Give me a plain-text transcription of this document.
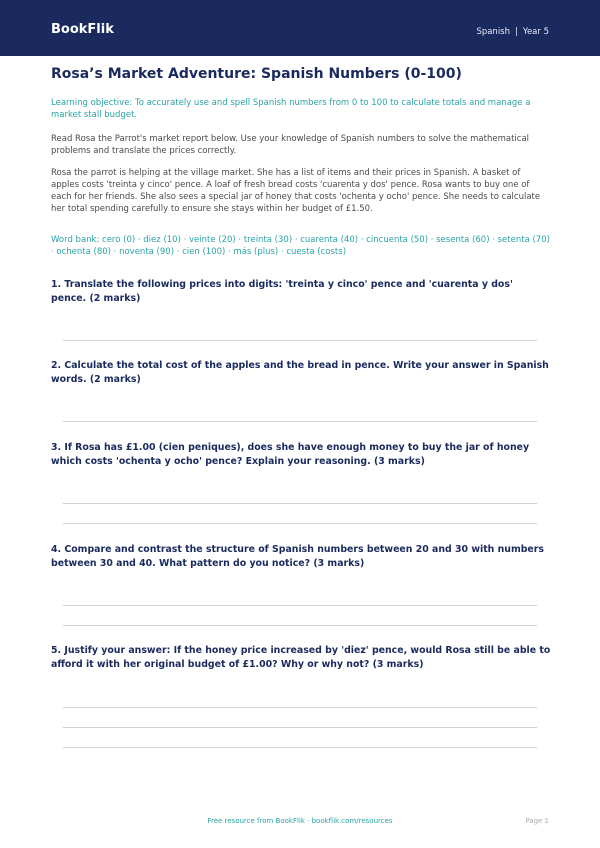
BookFlik	Spanish | Year 5
Rosa’s Market Adventure: Spanish Numbers (0-100)

Learning objective: To accurately use and spell Spanish numbers from 0 to 100 to calculate totals and manage a market stall budget.

Read Rosa the Parrot's market report below. Use your knowledge of Spanish numbers to solve the mathematical problems and translate the prices correctly.

Rosa the parrot is helping at the village market. She has a list of items and their prices in Spanish. A basket of apples costs 'treinta y cinco' pence. A loaf of fresh bread costs 'cuarenta y dos' pence. Rosa wants to buy one of each for her friends. She also sees a special jar of honey that costs 'ochenta y ocho' pence. She needs to calculate her total spending carefully to ensure she stays within her budget of £1.50.

Word bank: cero (0) · diez (10) · veinte (20) · treinta (30) · cuarenta (40) · cincuenta (50) · sesenta (60) · setenta (70) · ochenta (80) · noventa (90) · cien (100) · más (plus) · cuesta (costs)

1. Translate the following prices into digits: 'treinta y cinco' pence and 'cuarenta y dos' pence. (2 marks)
2. Calculate the total cost of the apples and the bread in pence. Write your answer in Spanish words. (2 marks)
3. If Rosa has £1.00 (cien peniques), does she have enough money to buy the jar of honey which costs 'ochenta y ocho' pence? Explain your reasoning. (3 marks)
4. Compare and contrast the structure of Spanish numbers between 20 and 30 with numbers between 30 and 40. What pattern do you notice? (3 marks)
5. Justify your answer: If the honey price increased by 'diez' pence, would Rosa still be able to afford it with her original budget of £1.00? Why or why not? (3 marks)
Free resource from BookFlik · bookflik.com/resources	Page 1
